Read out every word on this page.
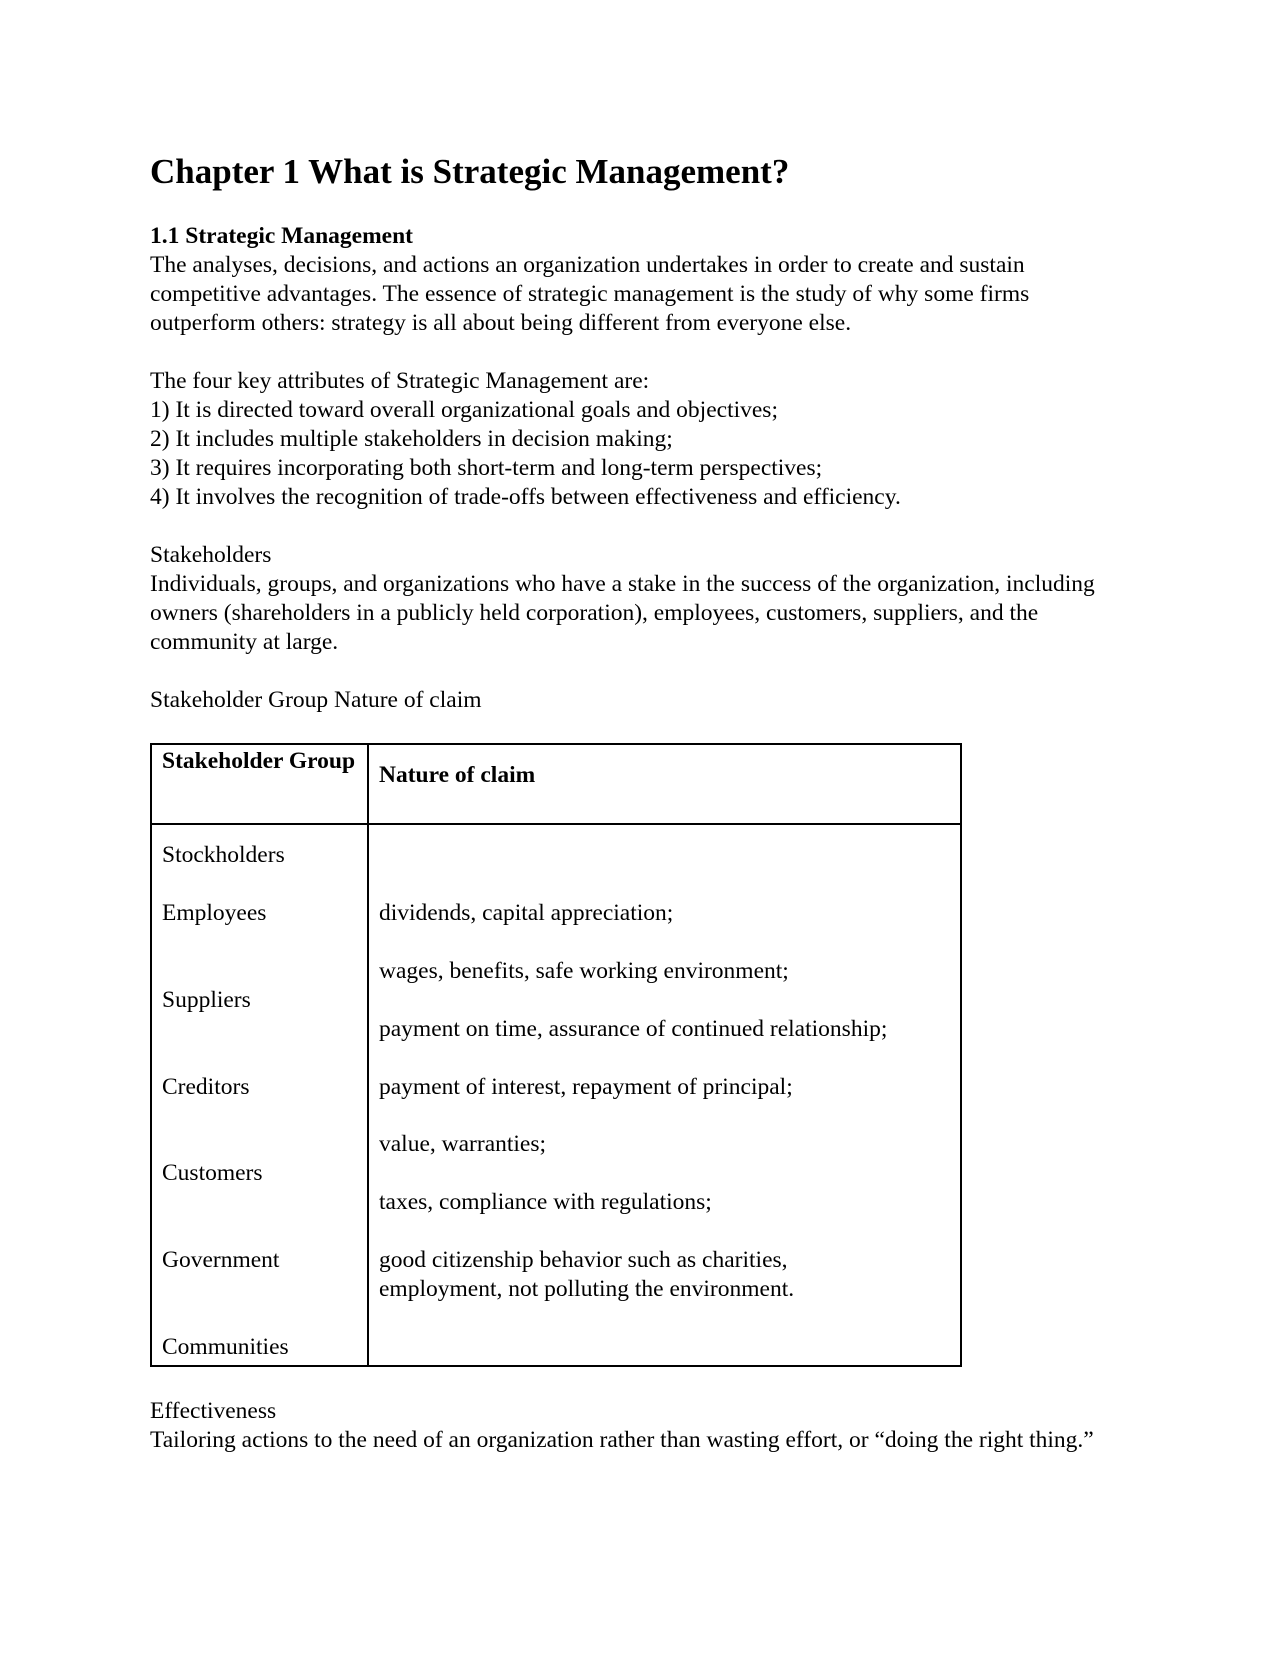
Chapter 1 What is Strategic Management?

1.1 Strategic Management

The analyses, decisions, and actions an organization undertakes in order to create and sustain competitive advantages. The essence of strategic management is the study of why some firms outperform others: strategy is all about being different from everyone else.

The four key attributes of Strategic Management are:

1) It is directed toward overall organizational goals and objectives;

2) It includes multiple stakeholders in decision making;

3) It requires incorporating both short-term and long-term perspectives;

4) It involves the recognition of trade-offs between effectiveness and efficiency.

Stakeholders

Individuals, groups, and organizations who have a stake in the success of the organization, including owners (shareholders in a publicly held corporation), employees, customers, suppliers, and the community at large.

Stakeholder Group Nature of claim

Stakeholder Group
Nature of claim
Stockholders
Employees
Suppliers
Creditors
Customers
Government
Communities
dividends, capital appreciation;
wages, benefits, safe working environment;
payment on time, assurance of continued relationship;
payment of interest, repayment of principal;
value, warranties;
taxes, compliance with regulations;
good citizenship behavior such as charities, employment, not polluting the environment.

Effectiveness

Tailoring actions to the need of an organization rather than wasting effort, or “doing the right thing.”
